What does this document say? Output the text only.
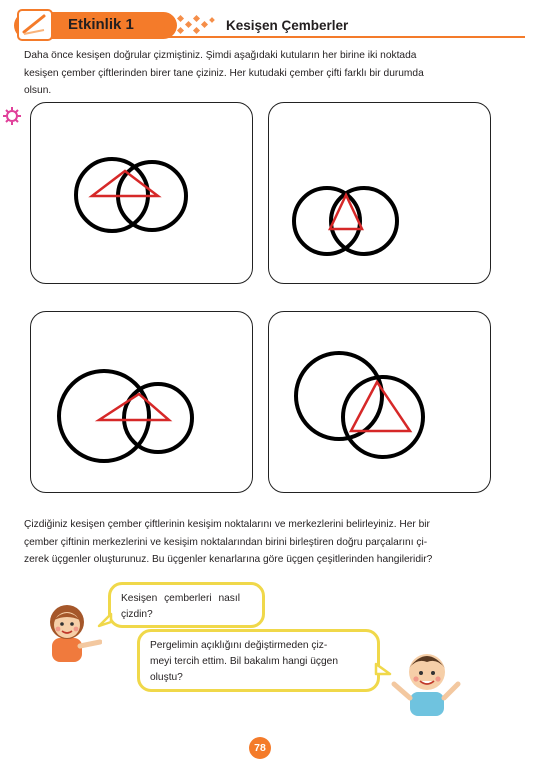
Etkinlik 1	Kesişen Çemberler
Daha önce kesişen doğrular çizmiştiniz. Şimdi aşağıdaki kutuların her birine iki noktada
kesişen çember çiftlerinden birer tane çiziniz. Her kutudaki çember çifti farklı bir durumda
olsun.
Çizdiğiniz kesişen çember çiftlerinin kesişim noktalarını ve merkezlerini belirleyiniz. Her bir
çember çiftinin merkezlerini ve kesişim noktalarından birini birleştiren doğru parçalarını çi-
zerek üçgenler oluşturunuz. Bu üçgenler kenarlarına göre üçgen çeşitlerinden hangileridir?
Kesişen çemberleri nasıl
çizdin?
Pergelimin açıklığını değiştirmeden çiz-
meyi tercih ettim. Bil bakalım hangi üçgen
oluştu?
78
